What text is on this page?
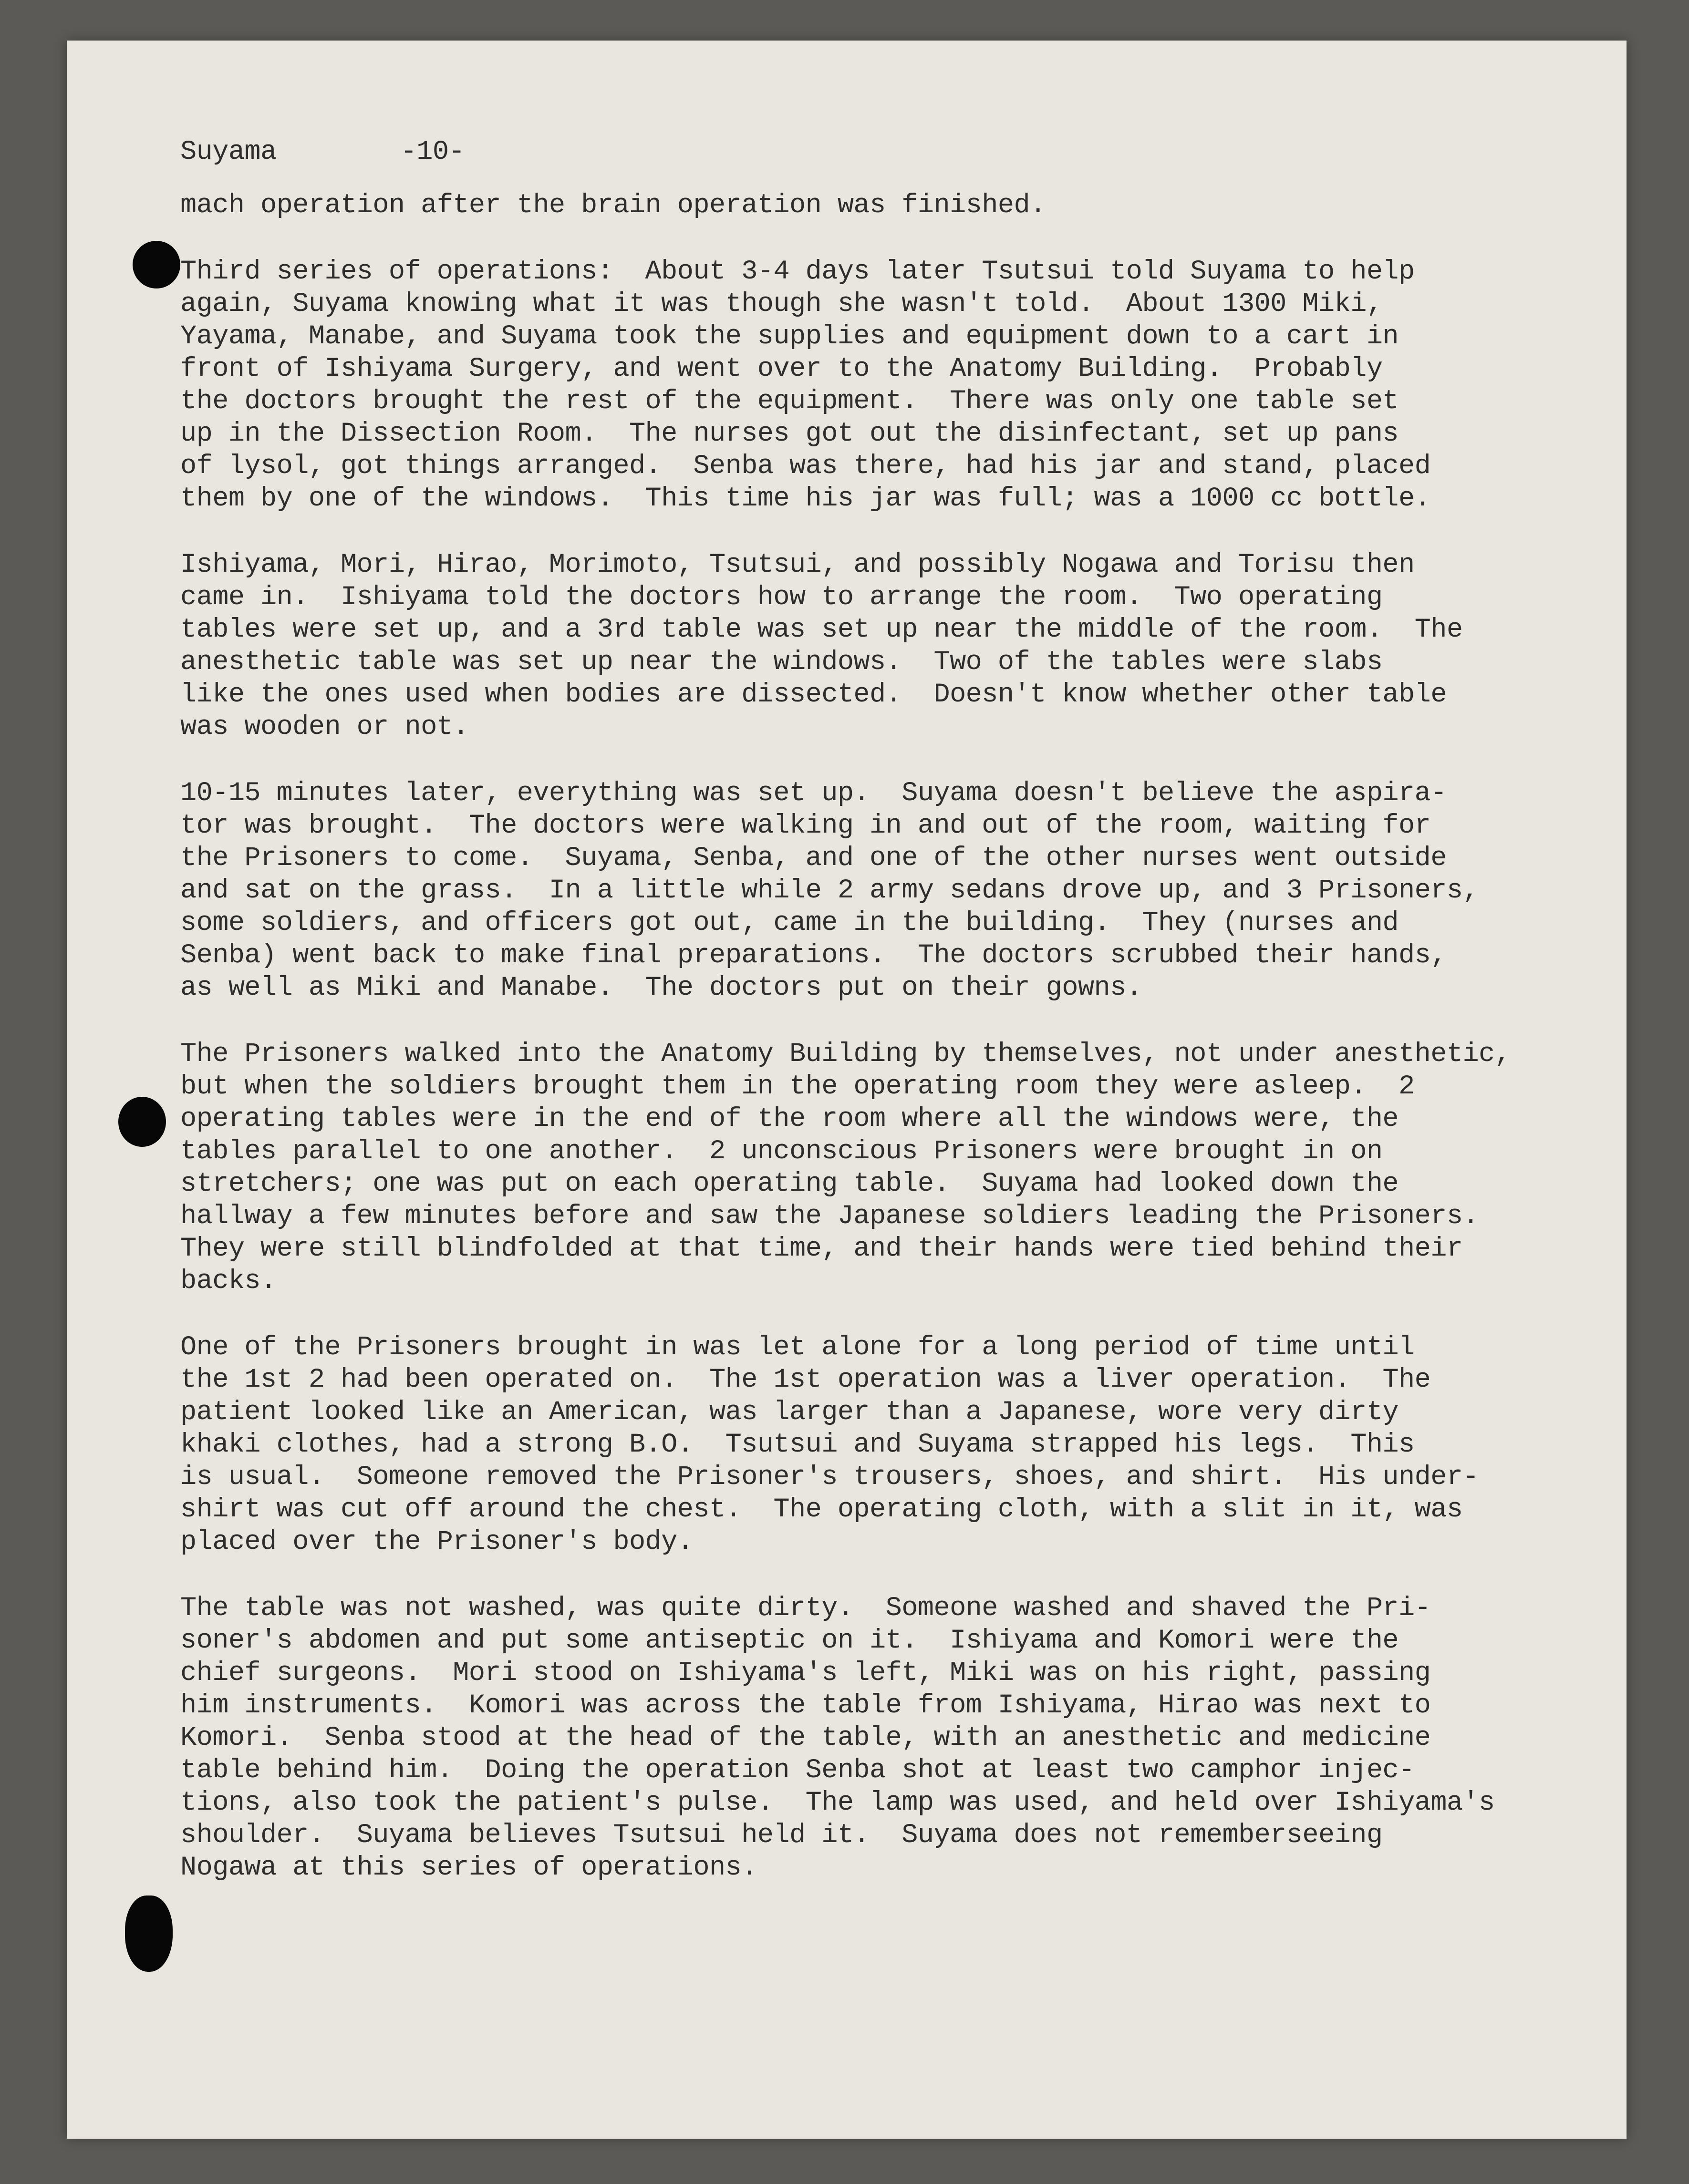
Suyama	-10-
mach operation after the brain operation was finished.
Third series of operations:  About 3-4 days later Tsutsui told Suyama to help
again, Suyama knowing what it was though she wasn't told.  About 1300 Miki,
Yayama, Manabe, and Suyama took the supplies and equipment down to a cart in
front of Ishiyama Surgery, and went over to the Anatomy Building.  Probably
the doctors brought the rest of the equipment.  There was only one table set
up in the Dissection Room.  The nurses got out the disinfectant, set up pans
of lysol, got things arranged.  Senba was there, had his jar and stand, placed
them by one of the windows.  This time his jar was full; was a 1000 cc bottle.
Ishiyama, Mori, Hirao, Morimoto, Tsutsui, and possibly Nogawa and Torisu then
came in.  Ishiyama told the doctors how to arrange the room.  Two operating
tables were set up, and a 3rd table was set up near the middle of the room.  The
anesthetic table was set up near the windows.  Two of the tables were slabs
like the ones used when bodies are dissected.  Doesn't know whether other table
was wooden or not.
10-15 minutes later, everything was set up.  Suyama doesn't believe the aspira-
tor was brought.  The doctors were walking in and out of the room, waiting for
the Prisoners to come.  Suyama, Senba, and one of the other nurses went outside
and sat on the grass.  In a little while 2 army sedans drove up, and 3 Prisoners,
some soldiers, and officers got out, came in the building.  They (nurses and
Senba) went back to make final preparations.  The doctors scrubbed their hands,
as well as Miki and Manabe.  The doctors put on their gowns.
The Prisoners walked into the Anatomy Building by themselves, not under anesthetic,
but when the soldiers brought them in the operating room they were asleep.  2
operating tables were in the end of the room where all the windows were, the
tables parallel to one another.  2 unconscious Prisoners were brought in on
stretchers; one was put on each operating table.  Suyama had looked down the
hallway a few minutes before and saw the Japanese soldiers leading the Prisoners.
They were still blindfolded at that time, and their hands were tied behind their
backs.
One of the Prisoners brought in was let alone for a long period of time until
the 1st 2 had been operated on.  The 1st operation was a liver operation.  The
patient looked like an American, was larger than a Japanese, wore very dirty
khaki clothes, had a strong B.O.  Tsutsui and Suyama strapped his legs.  This
is usual.  Someone removed the Prisoner's trousers, shoes, and shirt.  His under-
shirt was cut off around the chest.  The operating cloth, with a slit in it, was
placed over the Prisoner's body.
The table was not washed, was quite dirty.  Someone washed and shaved the Pri-
soner's abdomen and put some antiseptic on it.  Ishiyama and Komori were the
chief surgeons.  Mori stood on Ishiyama's left, Miki was on his right, passing
him instruments.  Komori was across the table from Ishiyama, Hirao was next to
Komori.  Senba stood at the head of the table, with an anesthetic and medicine
table behind him.  Doing the operation Senba shot at least two camphor injec-
tions, also took the patient's pulse.  The lamp was used, and held over Ishiyama's
shoulder.  Suyama believes Tsutsui held it.  Suyama does not rememberseeing
Nogawa at this series of operations.
